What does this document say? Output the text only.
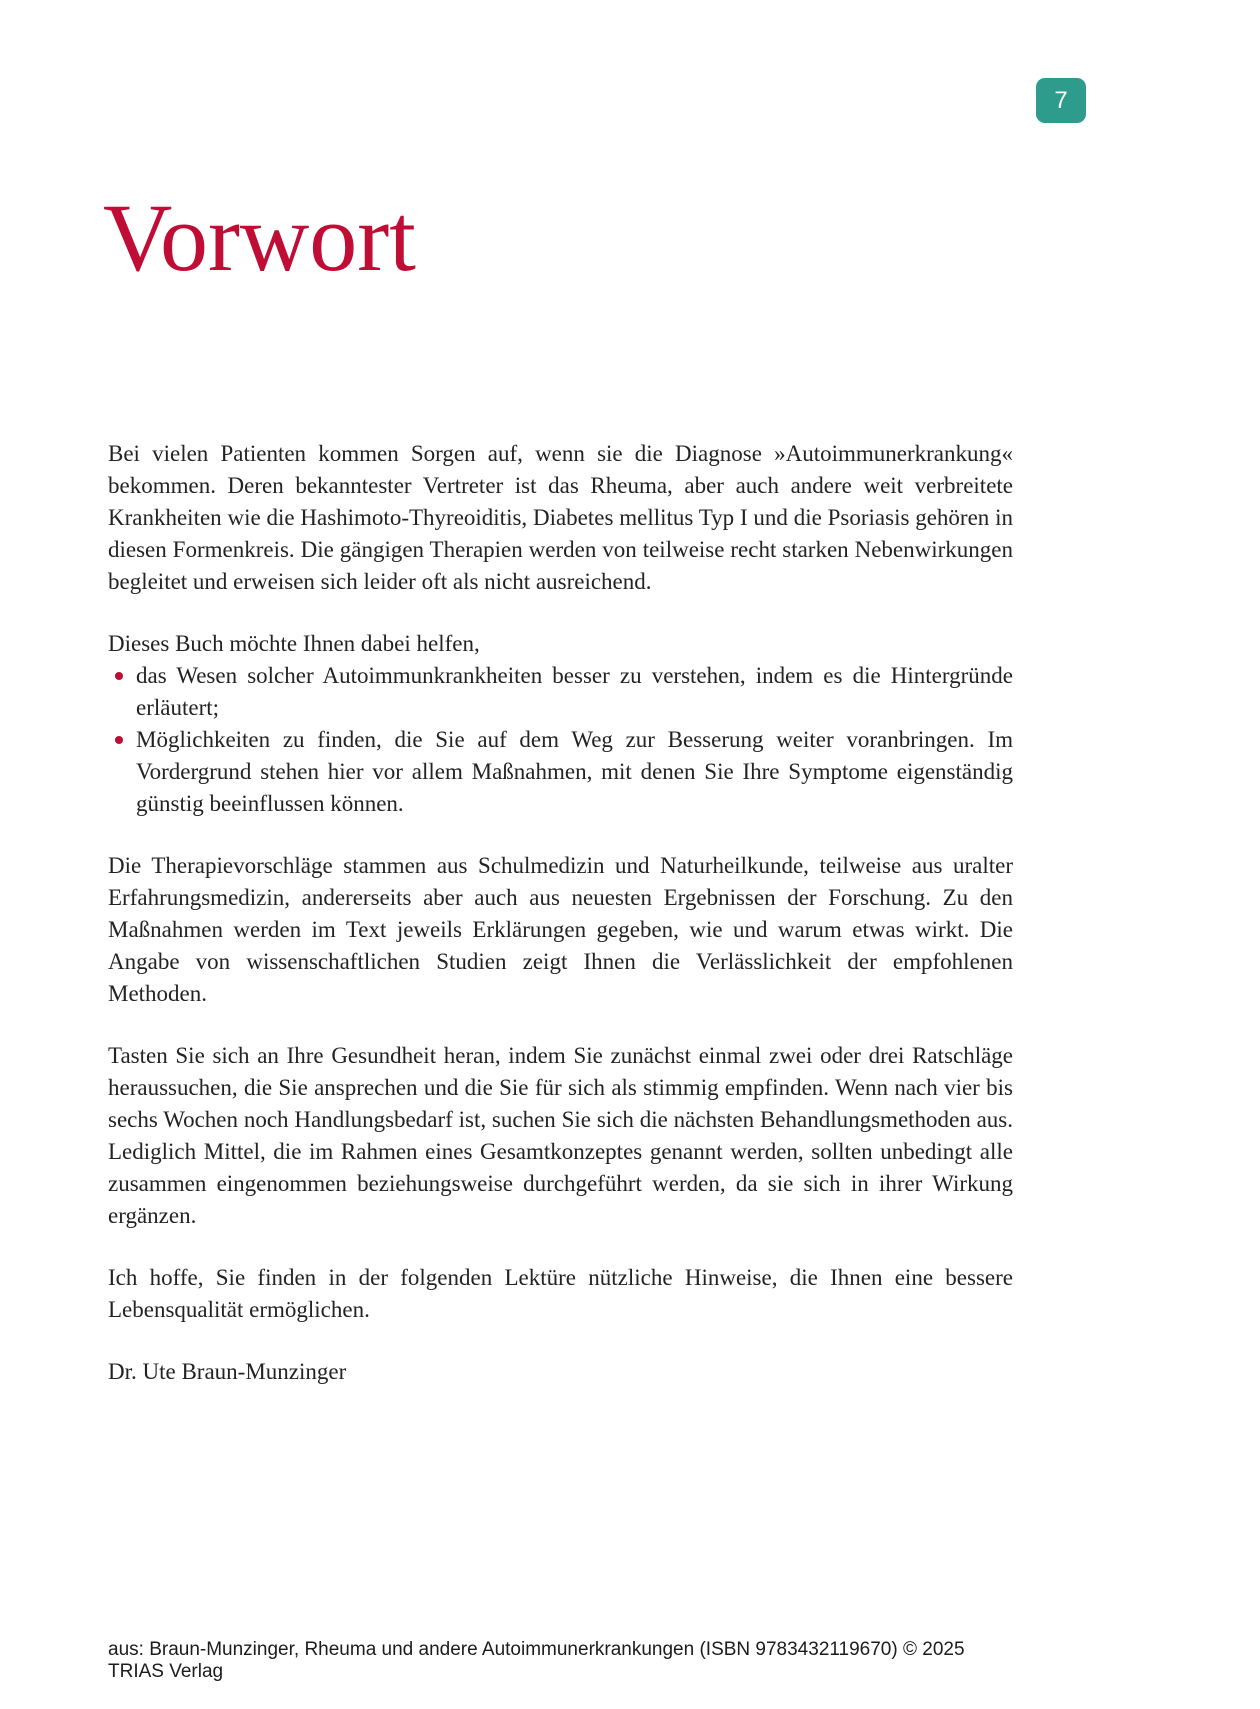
7
Vorwort

Bei vielen Patienten kommen Sorgen auf, wenn sie die Diagnose »Autoimmunerkrankung« bekommen. Deren bekanntester Vertreter ist das Rheuma, aber auch andere weit verbreitete Krankheiten wie die Hashimoto-Thyreoiditis, Diabetes mellitus Typ I und die Psoriasis gehören in diesen Formenkreis. Die gängigen Therapien werden von teilweise recht starken Nebenwirkungen begleitet und erweisen sich leider oft als nicht ausreichend.

Dieses Buch möchte Ihnen dabei helfen,

das Wesen solcher Autoimmunkrankheiten besser zu verstehen, indem es die Hintergründe erläutert;
Möglichkeiten zu finden, die Sie auf dem Weg zur Besserung weiter voranbringen. Im Vordergrund stehen hier vor allem Maßnahmen, mit denen Sie Ihre Symptome eigenständig günstig beeinflussen können.

Die Therapievorschläge stammen aus Schulmedizin und Naturheilkunde, teilweise aus uralter Erfahrungsmedizin, andererseits aber auch aus neuesten Ergebnissen der Forschung. Zu den Maßnahmen werden im Text jeweils Erklärungen gegeben, wie und warum etwas wirkt. Die Angabe von wissenschaftlichen Studien zeigt Ihnen die Verlässlichkeit der empfohlenen Methoden.

Tasten Sie sich an Ihre Gesundheit heran, indem Sie zunächst einmal zwei oder drei Ratschläge heraussuchen, die Sie ansprechen und die Sie für sich als stimmig empfinden. Wenn nach vier bis sechs Wochen noch Handlungsbedarf ist, suchen Sie sich die nächsten Behandlungsmethoden aus. Lediglich Mittel, die im Rahmen eines Gesamtkonzeptes genannt werden, sollten unbedingt alle zusammen eingenommen beziehungsweise durchgeführt werden, da sie sich in ihrer Wirkung ergänzen.

Ich hoffe, Sie finden in der folgenden Lektüre nützliche Hinweise, die Ihnen eine bessere Lebensqualität ermöglichen.

Dr. Ute Braun-Munzinger

aus: Braun-Munzinger, Rheuma und andere Autoimmunerkrankungen (ISBN 9783432119670) © 2025 TRIAS Verlag
